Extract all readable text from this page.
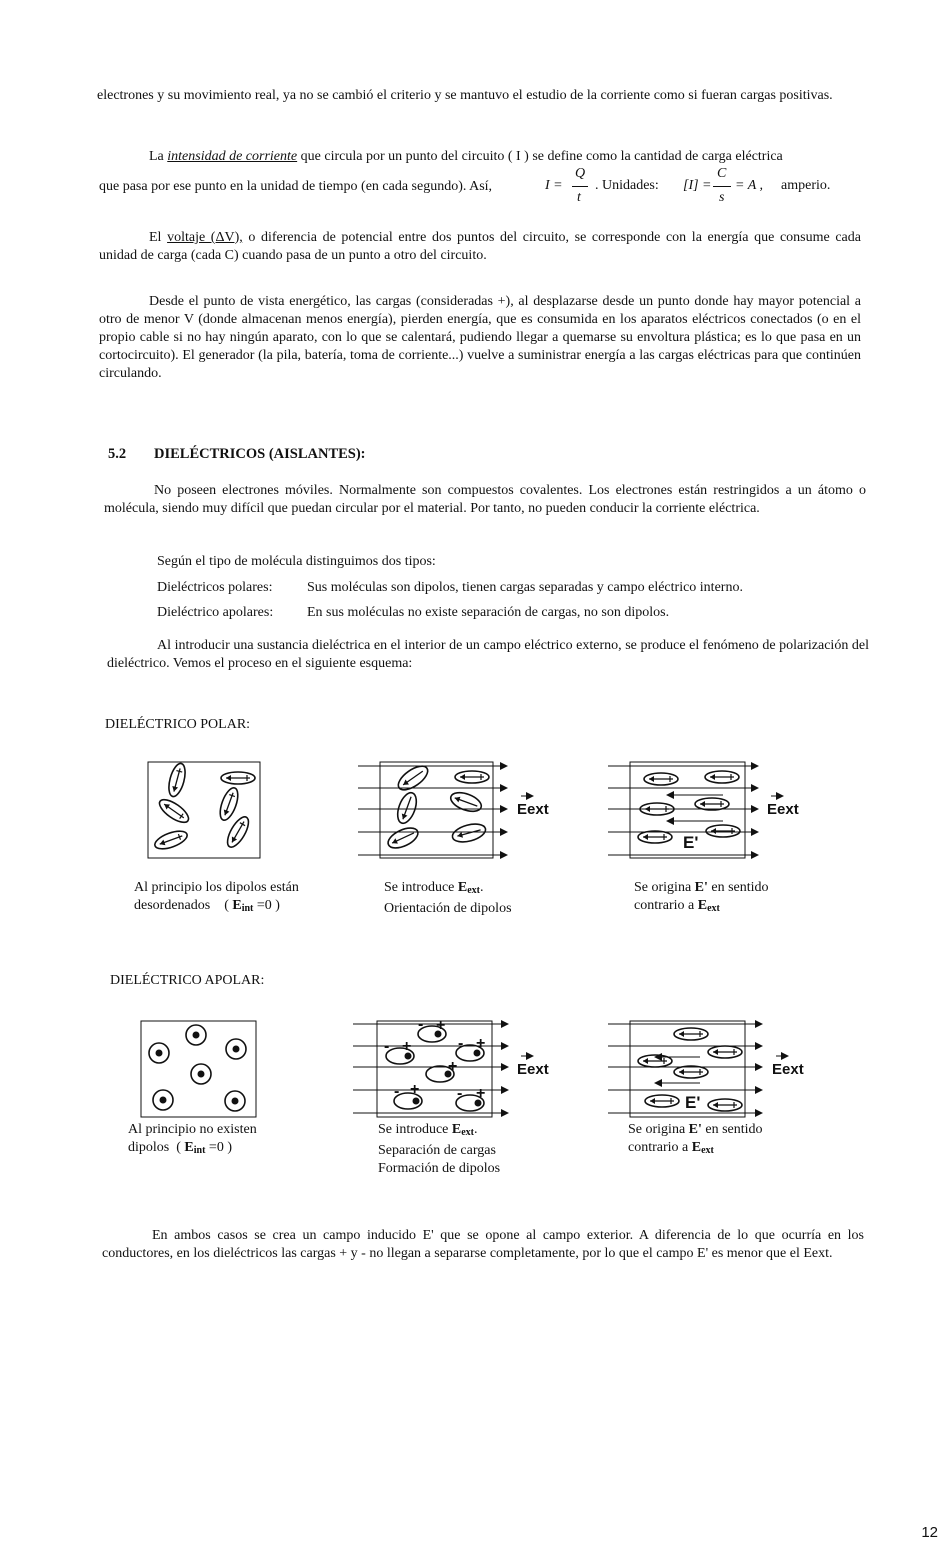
electrones y su movimiento real, ya no se cambió el criterio y se mantuvo el estudio de la corriente como si fueran cargas positivas.
La intensidad de corriente que circula por un punto del circuito ( I ) se define como la cantidad de carga eléctrica
que pasa por ese punto en la unidad de tiempo (en cada segundo). Así,	I =
Q
t
. Unidades: [I] =
C
s
= A , amperio.
El voltaje (ΔV), o diferencia de potencial entre dos puntos del circuito, se corresponde con la energía que consume cada unidad de carga (cada C) cuando pasa de un punto a otro del circuito.
Desde el punto de vista energético, las cargas (consideradas +), al desplazarse desde un punto donde hay mayor potencial a otro de menor V (donde almacenan menos energía), pierden energía, que es consumida en los aparatos eléctricos conectados (o en el propio cable si no hay ningún aparato, con lo que se calentará, pudiendo llegar a quemarse su envoltura plástica; es lo que pasa en un cortocircuito). El generador (la pila, batería, toma de corriente...) vuelve a suministrar energía a las cargas eléctricas para que continúen circulando.
5.2 DIELÉCTRICOS (AISLANTES):
No poseen electrones móviles. Normalmente son compuestos covalentes. Los electrones están restringidos a un átomo o molécula, siendo muy difícil que puedan circular por el material. Por tanto, no pueden conducir la corriente eléctrica.
Según el tipo de molécula distinguimos dos tipos:
Dieléctricos polares: Sus moléculas son dipolos, tienen cargas separadas y campo eléctrico interno.
Dieléctrico apolares: En sus moléculas no existe separación de cargas, no son dipolos.
Al introducir una sustancia dieléctrica en el interior de un campo eléctrico externo, se produce el fenómeno de polarización del dieléctrico. Vemos el proceso en el siguiente esquema:
DIELÉCTRICO POLAR:
Eext	Eext
E'
Al principio los dipolos están
desordenados    ( $E_{int} =0$ )
Se introduce $E_{ext}$.
Orientación de dipolos
Se origina E' en sentido
contrario a $E_{ext}$
DIELÉCTRICO APOLAR:
- +
- +	- +
+
- + - +
Eext	Eext
E'
Al principio no existen
dipolos  ( $E_{int} =0$ )
Se introduce $E_{ext}$.
Separación de cargas
Formación de dipolos
Se origina E' en sentido
contrario a $E_{ext}$
En ambos casos se crea un campo inducido E' que se opone al campo exterior. A diferencia de lo que ocurría en los conductores, en los dieléctricos las cargas + y - no llegan a separarse completamente, por lo que el campo E' es menor que el Eext.
12
